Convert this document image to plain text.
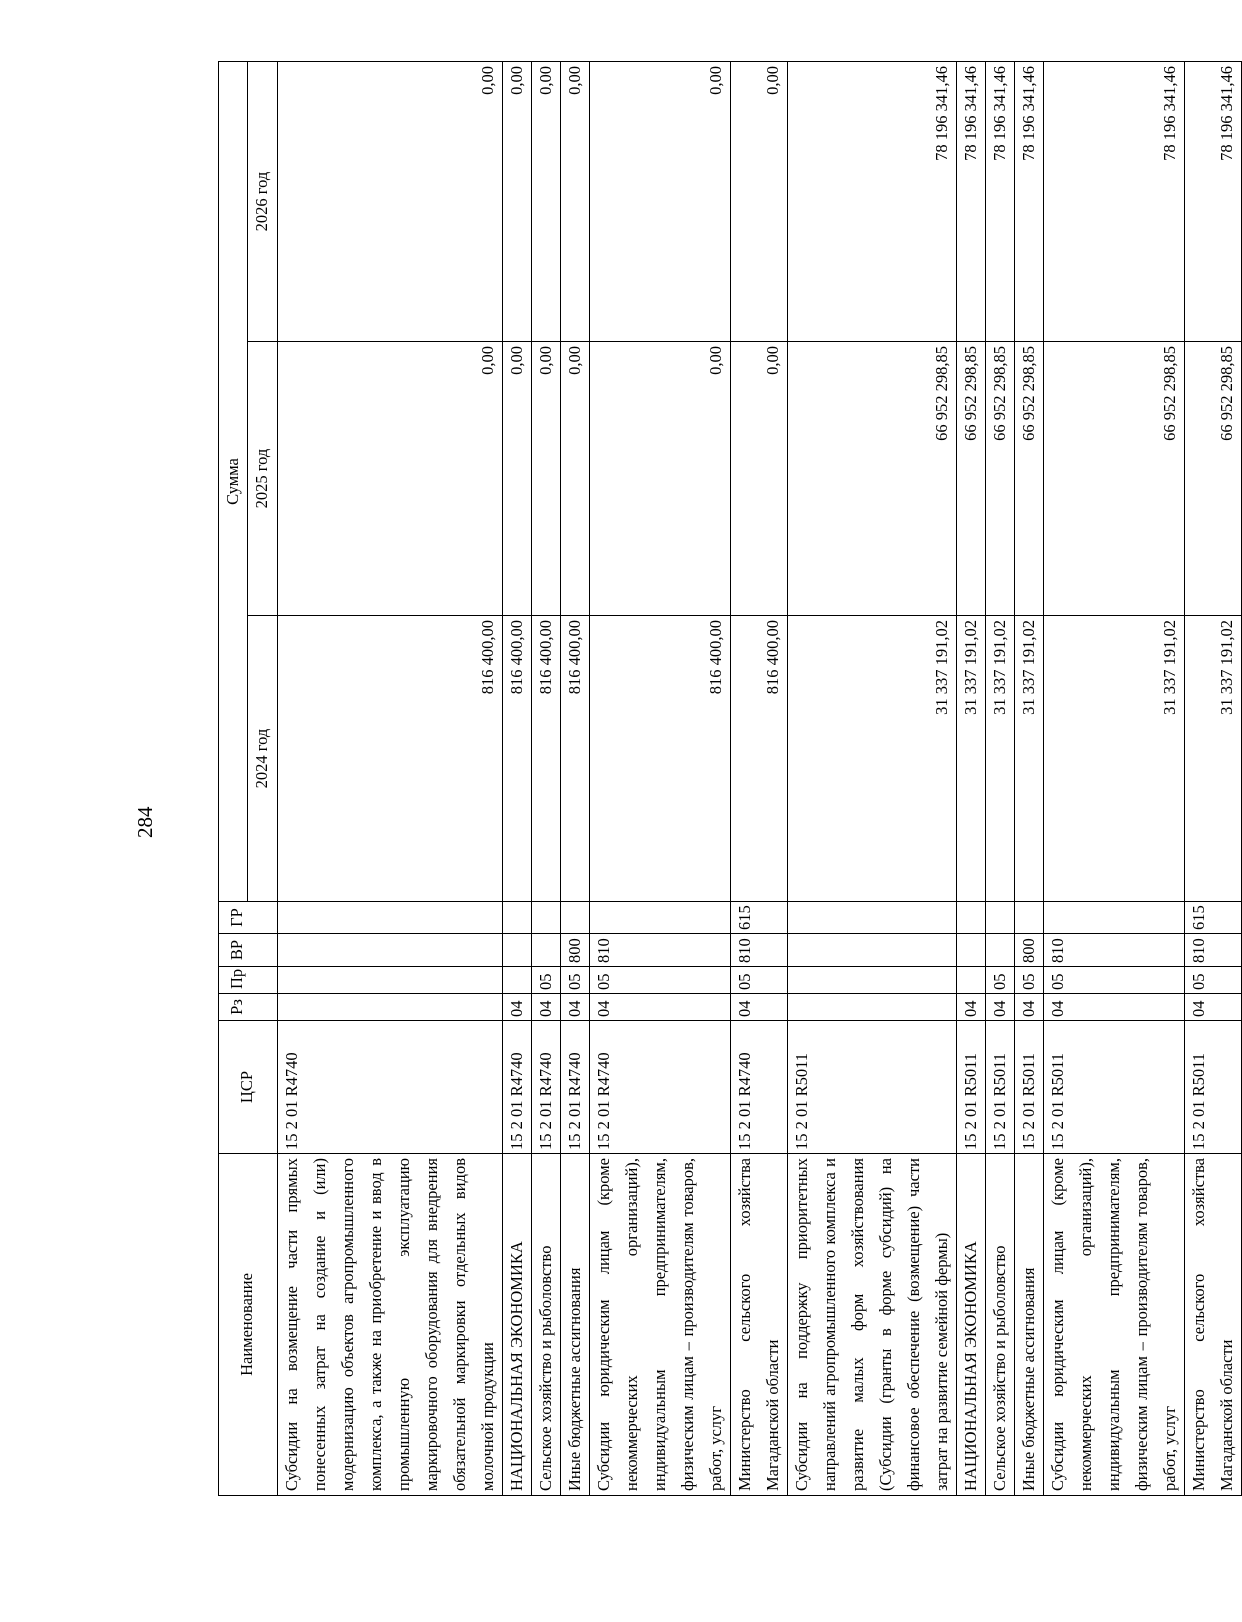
284
Наименование	ЦСР	Рз	Пр	ВР	ГР	Сумма		
						2024 год	2025 год	2026 год
Субсидии на возмещение части прямых понесенных затрат на создание и (или) модернизацию объектов агропромышленного комплекса, а также на приобретение и ввод в промышленную эксплуатацию маркировочного оборудования для внедрения обязательной маркировки отдельных видов молочной продукции	15 2 01 R4740					816 400,00	0,00	0,00
НАЦИОНАЛЬНАЯ ЭКОНОМИКА	15 2 01 R4740	04				816 400,00	0,00	0,00
Сельское хозяйство и рыболовство	15 2 01 R4740	04	05			816 400,00	0,00	0,00
Иные бюджетные ассигнования	15 2 01 R4740	04	05	800		816 400,00	0,00	0,00
Субсидии юридическим лицам (кроме некоммерческих организаций), индивидуальным предпринимателям, физическим лицам – производителям товаров, работ, услуг	15 2 01 R4740	04	05	810		816 400,00	0,00	0,00
Министерство сельского хозяйства Магаданской области	15 2 01 R4740	04	05	810	615	816 400,00	0,00	0,00
Субсидии на поддержку приоритетных направлений агропромышленного комплекса и развитие малых форм хозяйствования (Субсидии (гранты в форме субсидий) на финансовое обеспечение (возмещение) части затрат на развитие семейной фермы)	15 2 01 R5011					31 337 191,02	66 952 298,85	78 196 341,46
НАЦИОНАЛЬНАЯ ЭКОНОМИКА	15 2 01 R5011	04				31 337 191,02	66 952 298,85	78 196 341,46
Сельское хозяйство и рыболовство	15 2 01 R5011	04	05			31 337 191,02	66 952 298,85	78 196 341,46
Иные бюджетные ассигнования	15 2 01 R5011	04	05	800		31 337 191,02	66 952 298,85	78 196 341,46
Субсидии юридическим лицам (кроме некоммерческих организаций), индивидуальным предпринимателям, физическим лицам – производителям товаров, работ, услуг	15 2 01 R5011	04	05	810		31 337 191,02	66 952 298,85	78 196 341,46
Министерство сельского хозяйства Магаданской области	15 2 01 R5011	04	05	810	615	31 337 191,02	66 952 298,85	78 196 341,46
